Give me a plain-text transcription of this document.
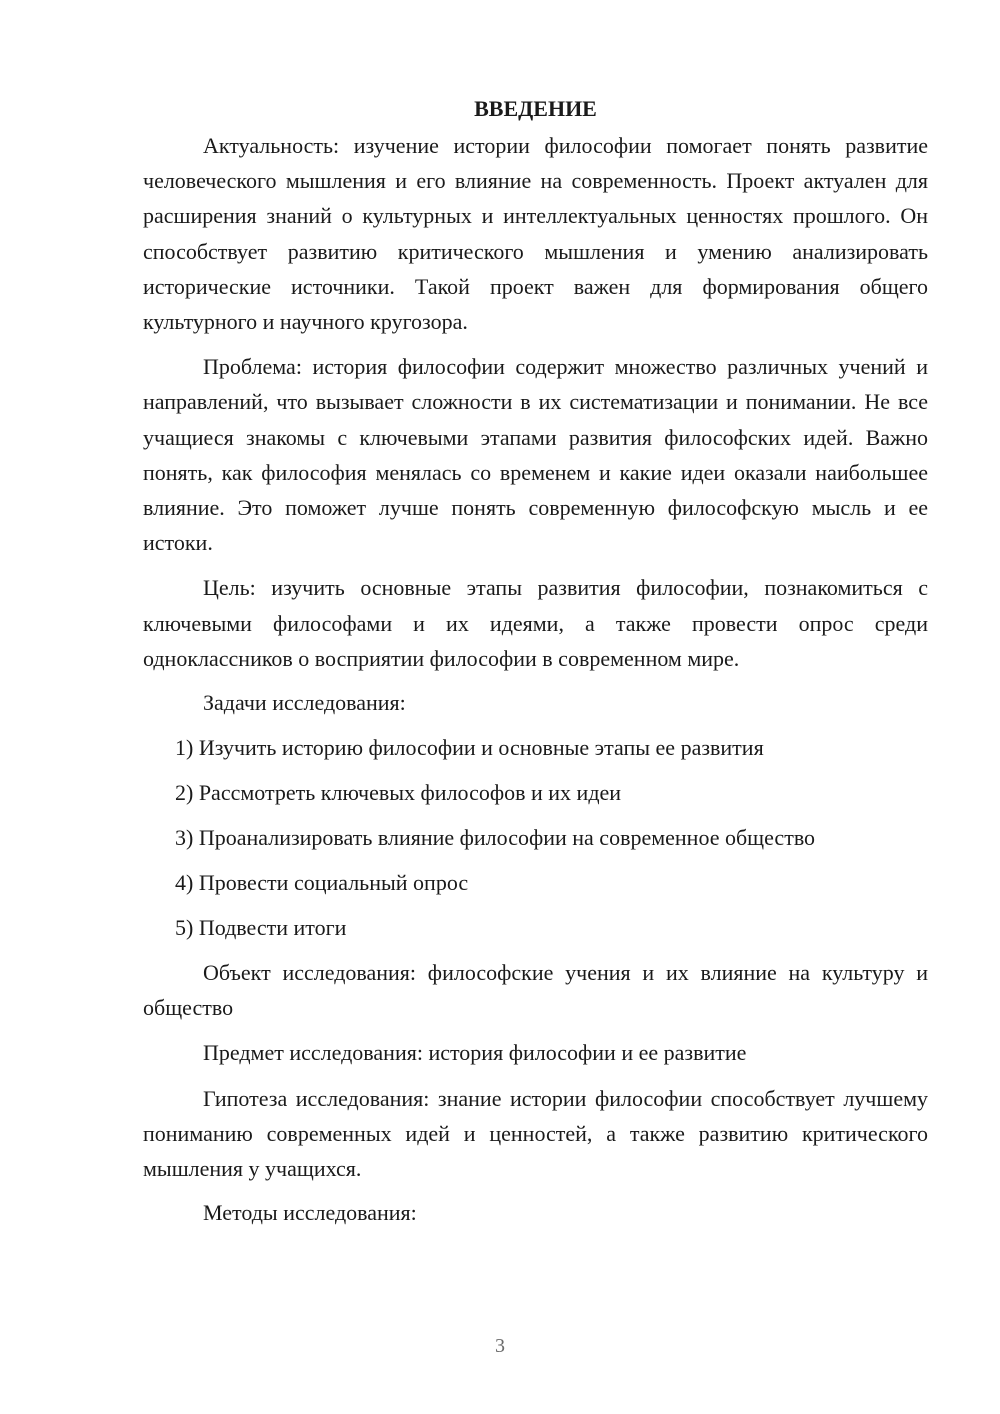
ВВЕДЕНИЕ

Актуальность: изучение истории философии помогает понять развитие человеческого мышления и его влияние на современность. Проект актуален для расширения знаний о культурных и интеллектуальных ценностях прошлого. Он способствует развитию критического мышления и умению анализировать исторические источники. Такой проект важен для формирования общего культурного и научного кругозора.

Проблема: история философии содержит множество различных учений и направлений, что вызывает сложности в их систематизации и понимании. Не все учащиеся знакомы с ключевыми этапами развития философских идей. Важно понять, как философия менялась со временем и какие идеи оказали наибольшее влияние. Это поможет лучше понять современную философскую мысль и ее истоки.

Цель: изучить основные этапы развития философии, познакомиться с ключевыми философами и их идеями, а также провести опрос среди одноклассников о восприятии философии в современном мире.

Задачи исследования:

1) Изучить историю философии и основные этапы ее развития
2) Рассмотреть ключевых философов и их идеи
3) Проанализировать влияние философии на современное общество
4) Провести социальный опрос
5) Подвести итоги

Объект исследования: философские учения и их влияние на культуру и общество

Предмет исследования: история философии и ее развитие

Гипотеза исследования: знание истории философии способствует лучшему пониманию современных идей и ценностей, а также развитию критического мышления у учащихся.

Методы исследования:

3
